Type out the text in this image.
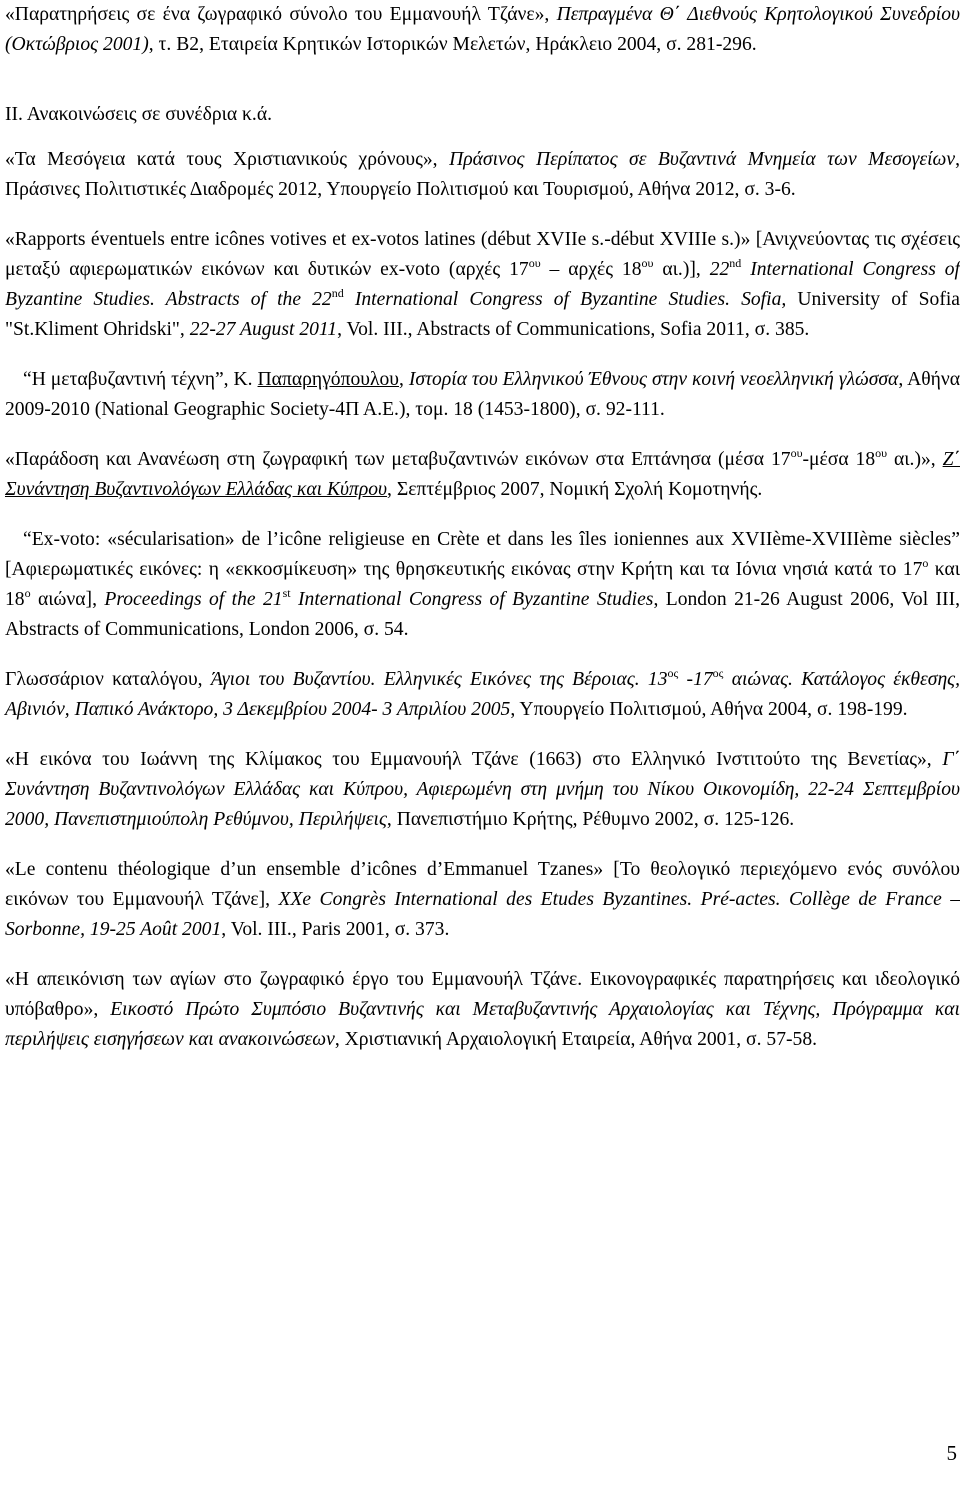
«Παρατηρήσεις σε ένα ζωγραφικό σύνολο του Εμμανουήλ Τζάνε», Πεπραγμένα Θ΄ Διεθνούς Κρητολογικού Συνεδρίου (Οκτώβριος 2001), τ. Β2, Εταιρεία Κρητικών Ιστορικών Μελετών, Ηράκλειο 2004, σ. 281-296.

ΙΙ. Ανακοινώσεις σε συνέδρια κ.ά.

«Τα Μεσόγεια κατά τους Χριστιανικούς χρόνους», Πράσινος Περίπατος σε Βυζαντινά Μνημεία των Μεσογείων, Πράσινες Πολιτιστικές Διαδρομές 2012, Υπουργείο Πολιτισμού και Τουρισμού, Αθήνα 2012, σ. 3-6.

«Rapports éventuels entre icônes votives et ex-votos latines (début XVIIe s.-début XVIIIe s.)» [Ανιχνεύοντας τις σχέσεις μεταξύ αφιερωματικών εικόνων και δυτικών ex-voto (αρχές $17^{o\upsilon}$ – αρχές $18^{o\upsilon}$ αι.)], 22nd International Congress of Byzantine Studies. Abstracts of the 22nd International Congress of Byzantine Studies. Sofia, University of Sofia "St.Kliment Ohridski", 22-27 August 2011, Vol. III., Abstracts of Communications, Sofia 2011, σ. 385.

“Η μεταβυζαντινή τέχνη”, Κ. Παπαρηγόπουλου, Ιστορία του Ελληνικού Έθνους στην κοινή νεοελληνική γλώσσα, Αθήνα 2009-2010 (National Geographic Society-4Π Α.Ε.), τομ. 18 (1453-1800), σ. 92-111.

«Παράδοση και Ανανέωση στη ζωγραφική των μεταβυζαντινών εικόνων στα Επτάνησα (μέσα $17^{o\upsilon}$-μέσα $18^{o\upsilon}$ αι.)», Ζ΄ Συνάντηση Βυζαντινολόγων Ελλάδας και Κύπρου, Σεπτέμβριος 2007, Νομική Σχολή Κομοτηνής.

“Ex-voto: «sécularisation» de l’icône religieuse en Crète et dans les îles ioniennes aux XVIIème-XVIIIème siècles” [Αφιερωματικές εικόνες: η «εκκοσμίκευση» της θρησκευτικής εικόνας στην Κρήτη και τα Ιόνια νησιά κατά το $17^o$ και $18^o$ αιώνα], Proceedings of the 21st International Congress of Byzantine Studies, London 21-26 August 2006, Vol III, Abstracts of Communications, London 2006, σ. 54.

Γλωσσάριον καταλόγου, Άγιοι του Βυζαντίου. Ελληνικές Εικόνες της Βέροιας. $13^{o\varsigma}$ $-17^{o\varsigma}$ αιώνας. Κατάλογος έκθεσης, Αβινιόν, Παπικό Ανάκτορο, 3 Δεκεμβρίου 2004- 3 Απριλίου 2005, Υπουργείο Πολιτισμού, Αθήνα 2004, σ. 198-199.

«Η εικόνα του Ιωάννη της Κλίμακος του Εμμανουήλ Τζάνε (1663) στο Ελληνικό Ινστιτούτο της Βενετίας», Γ΄ Συνάντηση Βυζαντινολόγων Ελλάδας και Κύπρου, Αφιερωμένη στη μνήμη του Νίκου Οικονομίδη, 22-24 Σεπτεμβρίου 2000, Πανεπιστημιούπολη Ρεθύμνου, Περιλήψεις, Πανεπιστήμιο Κρήτης, Ρέθυμνο 2002, σ. 125-126.

«Le contenu théologique d’un ensemble d’icônes d’Emmanuel Tzanes» [Το θεολογικό περιεχόμενο ενός συνόλου εικόνων του Εμμανουήλ Τζάνε], XXe Congrès International des Etudes Byzantines. Pré-actes. Collège de France – Sorbonne, 19-25 Août 2001, Vol. III., Paris 2001, σ. 373.

«Η απεικόνιση των αγίων στο ζωγραφικό έργο του Εμμανουήλ Τζάνε. Εικονογραφικές παρατηρήσεις και ιδεολογικό υπόβαθρο», Εικοστό Πρώτο Συμπόσιο Βυζαντινής και Μεταβυζαντινής Αρχαιολογίας και Τέχνης, Πρόγραμμα και περιλήψεις εισηγήσεων και ανακοινώσεων, Χριστιανική Αρχαιολογική Εταιρεία, Αθήνα 2001, σ. 57-58.

5
